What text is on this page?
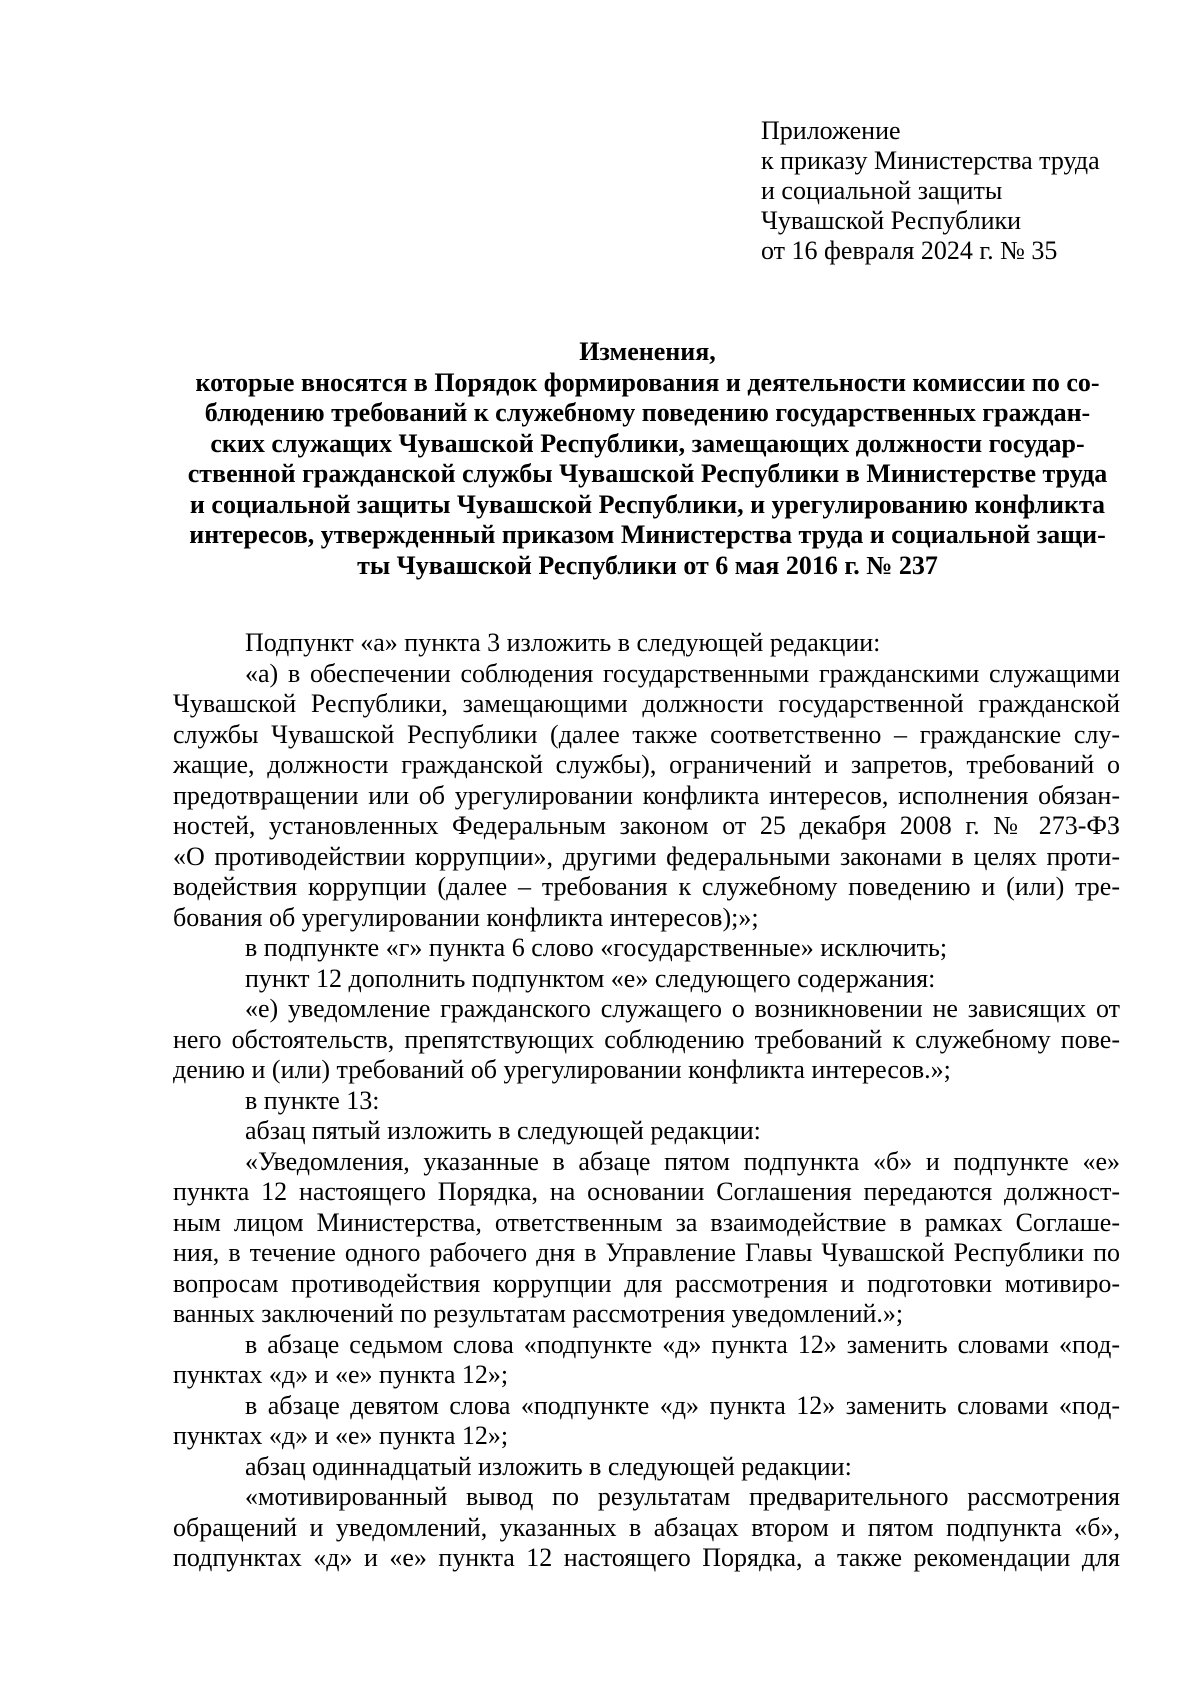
Приложение
к приказу Министерства труда
и социальной защиты
Чувашской Республики
от 16 февраля 2024 г. № 35
Изменения,
которые вносятся в Порядок формирования и деятельности комиссии по со-
блюдению требований к служебному поведению государственных граждан-
ских служащих Чувашской Республики, замещающих должности государ-
ственной гражданской службы Чувашской Республики в Министерстве труда
и социальной защиты Чувашской Республики, и урегулированию конфликта
интересов, утвержденный приказом Министерства труда и социальной защи-
ты Чувашской Республики от 6 мая 2016 г. № 237
Подпункт «а» пункта 3 изложить в следующей редакции:
«а) в обеспечении соблюдения государственными гражданскими служащими
Чувашской Республики, замещающими должности государственной гражданской
службы Чувашской Республики (далее также соответственно – гражданские слу-
жащие, должности гражданской службы), ограничений и запретов, требований о
предотвращении или об урегулировании конфликта интересов, исполнения обязан-
ностей, установленных Федеральным законом от 25 декабря 2008 г. № 273-ФЗ
«О противодействии коррупции», другими федеральными законами в целях проти-
водействия коррупции (далее – требования к служебному поведению и (или) тре-
бования об урегулировании конфликта интересов);»;
в подпункте «г» пункта 6 слово «государственные» исключить;
пункт 12 дополнить подпунктом «е» следующего содержания:
«е) уведомление гражданского служащего о возникновении не зависящих от
него обстоятельств, препятствующих соблюдению требований к служебному пове-
дению и (или) требований об урегулировании конфликта интересов.»;
в пункте 13:
абзац пятый изложить в следующей редакции:
«Уведомления, указанные в абзаце пятом подпункта «б» и подпункте «е»
пункта 12 настоящего Порядка, на основании Соглашения передаются должност-
ным лицом Министерства, ответственным за взаимодействие в рамках Соглаше-
ния, в течение одного рабочего дня в Управление Главы Чувашской Республики по
вопросам противодействия коррупции для рассмотрения и подготовки мотивиро-
ванных заключений по результатам рассмотрения уведомлений.»;
в абзаце седьмом слова «подпункте «д» пункта 12» заменить словами «под-
пунктах «д» и «е» пункта 12»;
в абзаце девятом слова «подпункте «д» пункта 12» заменить словами «под-
пунктах «д» и «е» пункта 12»;
абзац одиннадцатый изложить в следующей редакции:
«мотивированный вывод по результатам предварительного рассмотрения
обращений и уведомлений, указанных в абзацах втором и пятом подпункта «б»,
подпунктах «д» и «е» пункта 12 настоящего Порядка, а также рекомендации для
